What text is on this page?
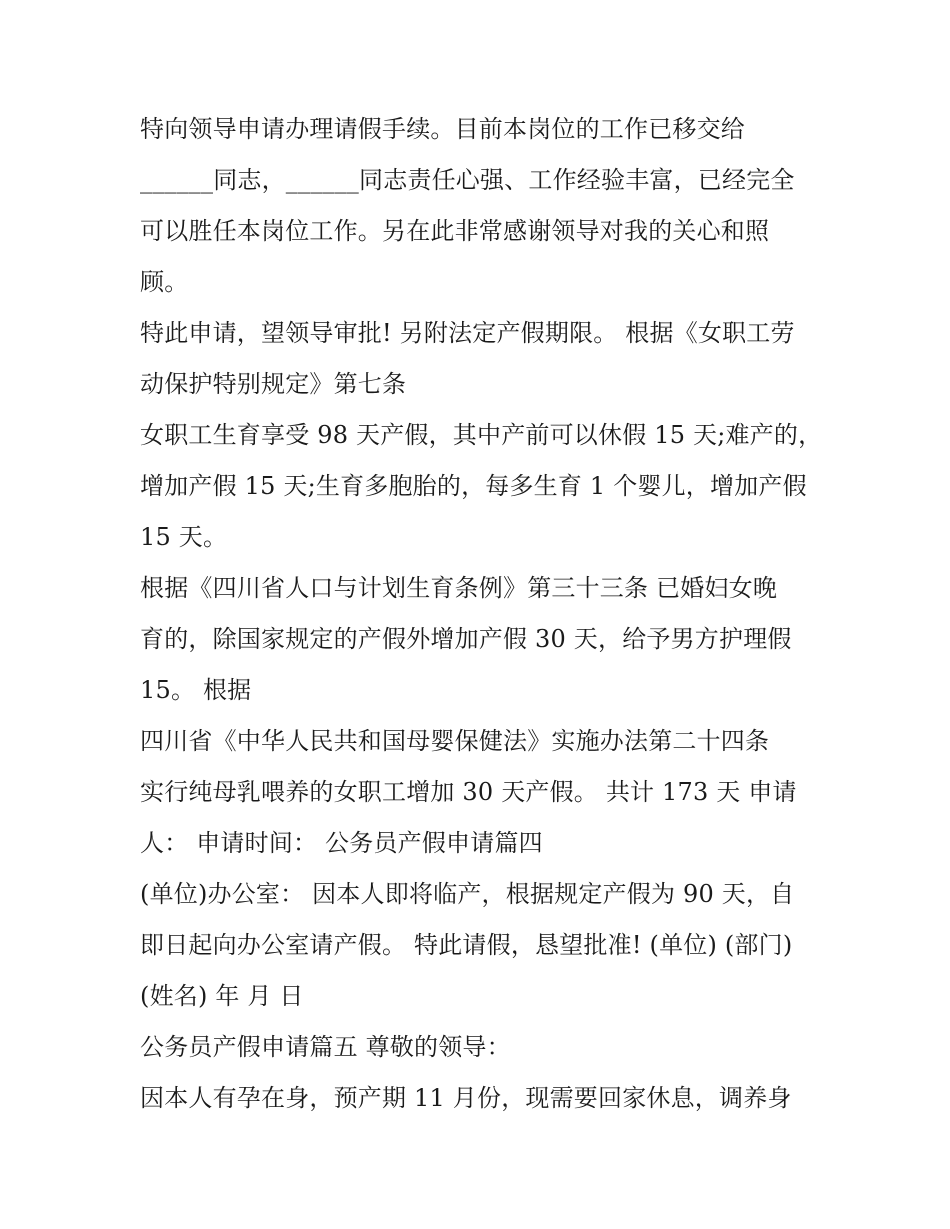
特向领导申请办理请假手续。目前本岗位的工作已移交给
______同志，______同志责任心强、工作经验丰富，已经完全
可以胜任本岗位工作。另在此非常感谢领导对我的关心和照
顾。
特此申请，望领导审批! 另附法定产假期限。 根据《女职工劳
动保护特别规定》第七条
女职工生育享受 98 天产假，其中产前可以休假 15 天;难产的，
增加产假 15 天;生育多胞胎的，每多生育 1 个婴儿，增加产假
15 天。
根据《四川省人口与计划生育条例》第三十三条 已婚妇女晚
育的，除国家规定的产假外增加产假 30 天，给予男方护理假
15。 根据
四川省《中华人民共和国母婴保健法》实施办法第二十四条
实行纯母乳喂养的女职工增加 30 天产假。 共计 173 天 申请
人： 申请时间： 公务员产假申请篇四
(单位)办公室： 因本人即将临产，根据规定产假为 90 天，自
即日起向办公室请产假。 特此请假，恳望批准! (单位) (部门)
(姓名) 年 月 日
公务员产假申请篇五 尊敬的领导：
因本人有孕在身，预产期 11 月份，现需要回家休息，调养身
